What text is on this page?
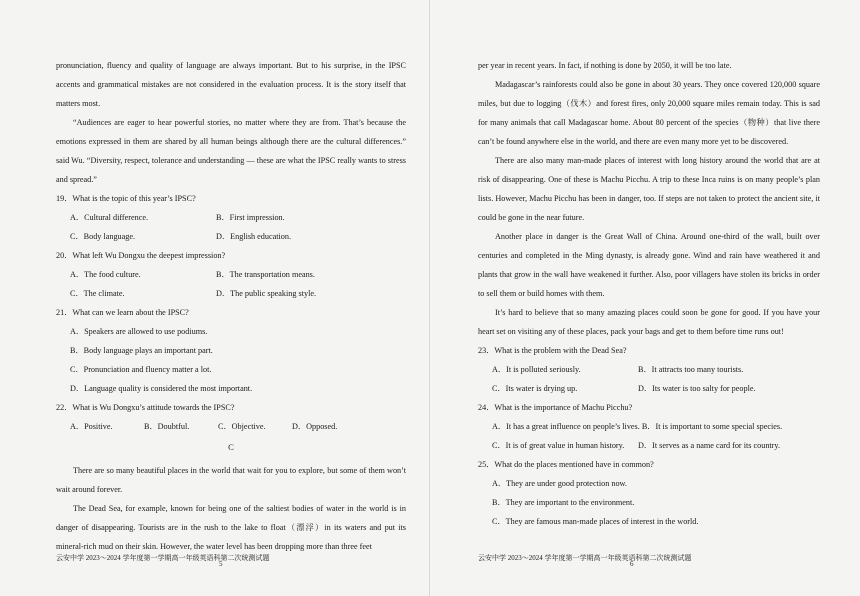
pronunciation, fluency and quality of language are always important. But to his surprise, in the IPSC accents and grammatical mistakes are not considered in the evaluation process. It is the story itself that matters most.

“Audiences are eager to hear powerful stories, no matter where they are from. That’s because the emotions expressed in them are shared by all human beings although there are the cultural differences.” said Wu. “Diversity, respect, tolerance and understanding — these are what the IPSC really wants to stress and spread.”

19．What is the topic of this year’s IPSC?

A．Cultural difference.	B．First impression.
C．Body language.	D．English education.

20．What left Wu Dongxu the deepest impression?

A．The food culture.	B．The transportation means.
C．The climate.	D．The public speaking style.

21．What can we learn about the IPSC?

A．Speakers are allowed to use podiums.
B．Body language plays an important part.
C．Pronunciation and fluency matter a lot.
D．Language quality is considered the most important.

22．What is Wu Dongxu’s attitude towards the IPSC?

A．Positive.	B．Doubtful.	C．Objective.	D．Opposed.
C

There are so many beautiful places in the world that wait for you to explore, but some of them won’t wait around forever.

The Dead Sea, for example, known for being one of the saltiest bodies of water in the world is in danger of disappearing. Tourists are in the rush to the lake to float（漂浮）in its waters and put its mineral-rich mud on their skin. However, the water level has been dropping more than three feet

云安中学 2023～2024 学年度第一学期高一年级英语科第二次统测试题
5

per year in recent years. In fact, if nothing is done by 2050, it will be too late.

Madagascar’s rainforests could also be gone in about 30 years. They once covered 120,000 square miles, but due to logging（伐木）and forest fires, only 20,000 square miles remain today. This is sad for many animals that call Madagascar home. About 80 percent of the species（物种）that live there can’t be found anywhere else in the world, and there are even many more yet to be discovered.

There are also many man-made places of interest with long history around the world that are at risk of disappearing. One of these is Machu Picchu. A trip to these Inca ruins is on many people’s plan lists. However, Machu Picchu has been in danger, too. If steps are not taken to protect the ancient site, it could be gone in the near future.

Another place in danger is the Great Wall of China. Around one-third of the wall, built over centuries and completed in the Ming dynasty, is already gone. Wind and rain have weathered it and plants that grow in the wall have weakened it further. Also, poor villagers have stolen its bricks in order to sell them or build homes with them.

It’s hard to believe that so many amazing places could soon be gone for good. If you have your heart set on visiting any of these places, pack your bags and get to them before time runs out!

23．What is the problem with the Dead Sea?

A．It is polluted seriously.	B．It attracts too many tourists.
C．Its water is drying up.	D．Its water is too salty for people.

24．What is the importance of Machu Picchu?

A．It has a great influence on people’s lives. B．It is important to some special species.
C．It is of great value in human history.	D．It serves as a name card for its country.

25．What do the places mentioned have in common?

A．They are under good protection now.
B．They are important to the environment.
C．They are famous man-made places of interest in the world.
云安中学 2023～2024 学年度第一学期高一年级英语科第二次统测试题
6
